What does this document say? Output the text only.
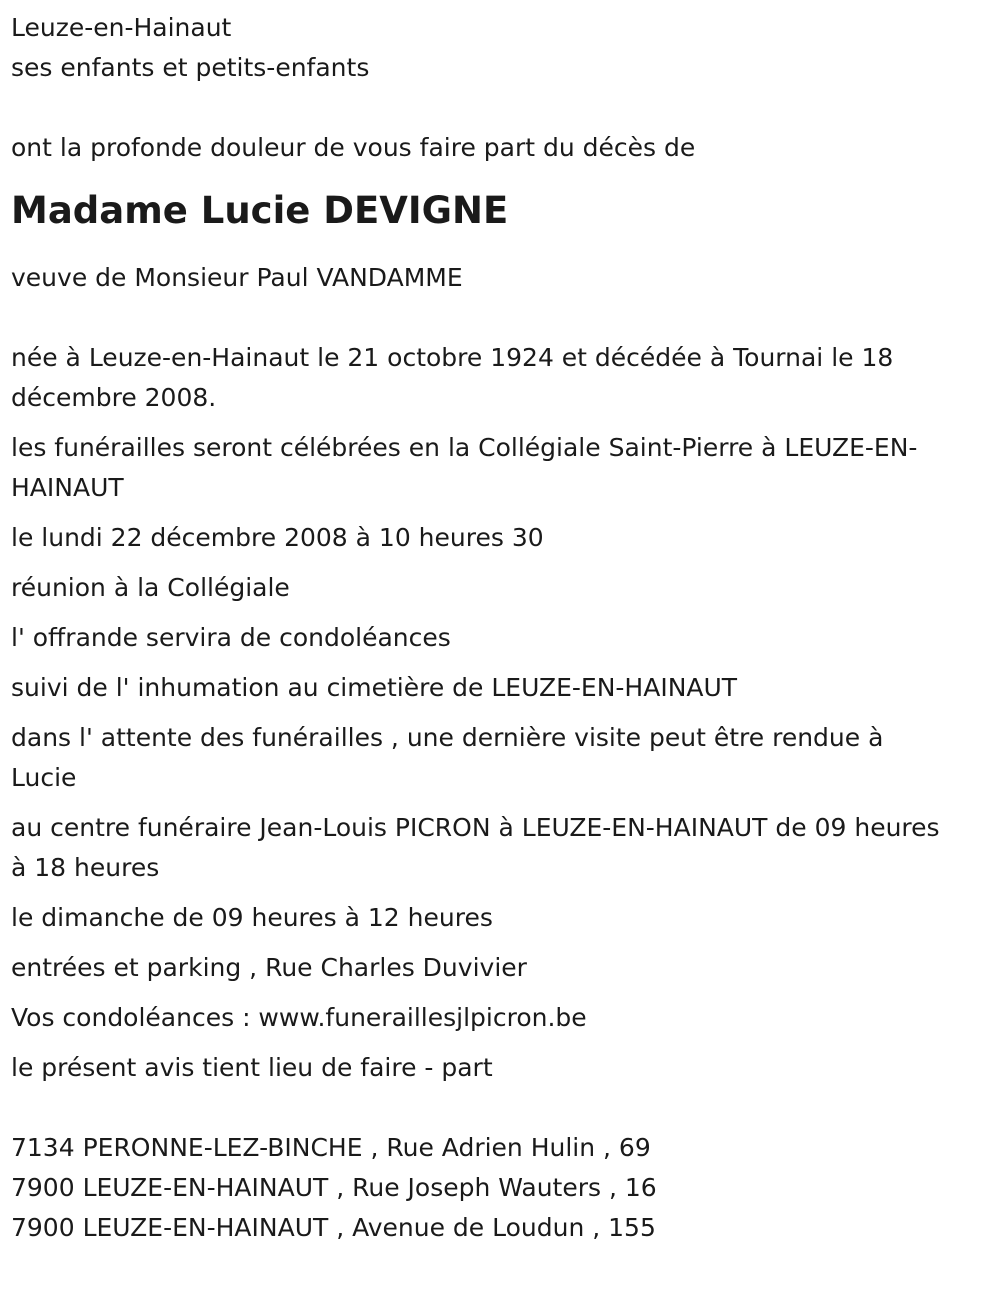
Leuze-en-Hainaut

ses enfants et petits-enfants

ont la profonde douleur de vous faire part du décès de

Madame Lucie DEVIGNE

veuve de Monsieur Paul VANDAMME

née à Leuze-en-Hainaut le 21 octobre 1924 et décédée à Tournai le 18 décembre 2008.

les funérailles seront célébrées en la Collégiale Saint-Pierre à LEUZE-EN-HAINAUT

le lundi 22 décembre 2008 à 10 heures 30

réunion à la Collégiale

l' offrande servira de condoléances

suivi de l' inhumation au cimetière de LEUZE-EN-HAINAUT

dans l' attente des funérailles , une dernière visite peut être rendue à Lucie

au centre funéraire Jean-Louis PICRON à LEUZE-EN-HAINAUT de 09 heures à 18 heures

le dimanche de 09 heures à 12 heures

entrées et parking , Rue Charles Duvivier

Vos condoléances : www.funeraillesjlpicron.be

le présent avis tient lieu de faire - part

7134 PERONNE-LEZ-BINCHE , Rue Adrien Hulin , 69

7900 LEUZE-EN-HAINAUT , Rue Joseph Wauters , 16

7900 LEUZE-EN-HAINAUT , Avenue de Loudun , 155
